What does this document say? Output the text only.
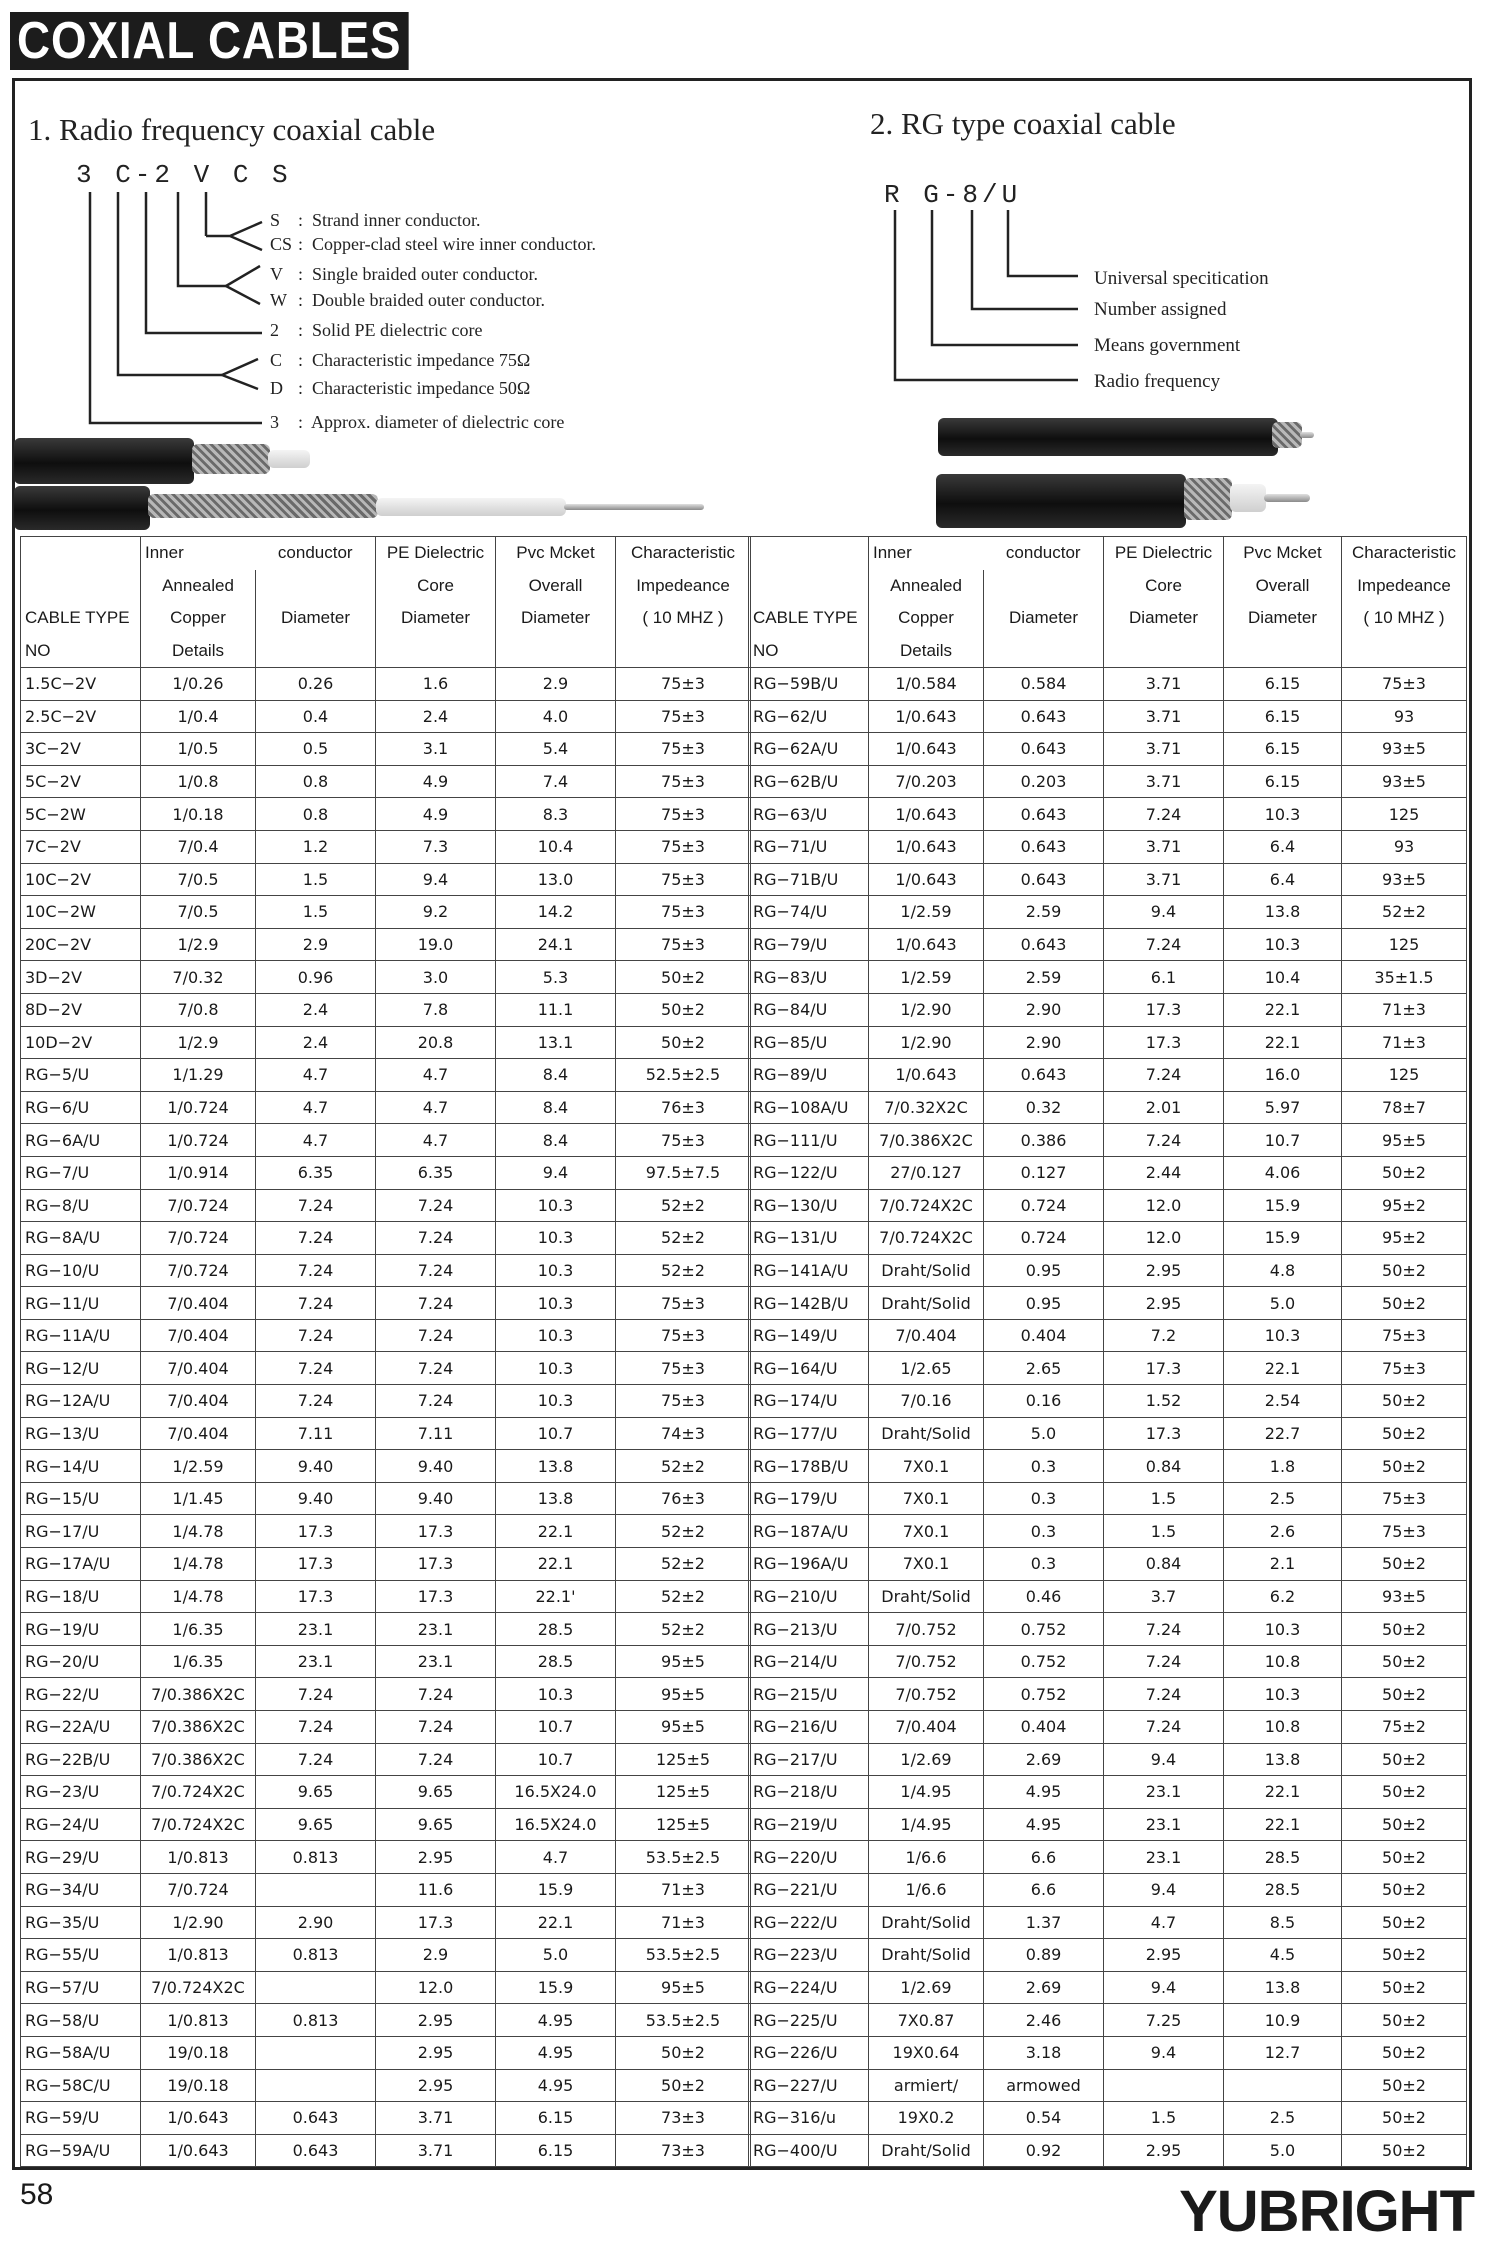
COXIAL CABLES
1. Radio frequency coaxial cable
3 C-2 V C S
S :  Strand inner conductor.
CS :  Copper-clad steel wire inner conductor.
V :  Single braided outer conductor.
W :  Double braided outer conductor.
2 :  Solid PE dielectric core
C :  Characteristic impedance 75Ω
D :  Characteristic impedance 50Ω
3 :  Approx. diameter of dielectric core
2. RG type coaxial cable
R G-8/U
Universal specitication
Number assigned
Means government
Radio frequency
	Inner	conductor	PE Dielectric	Pvc Mcket	Characteristic
	Annealed		Core	Overall	Impedeance
CABLE TYPE	Copper	Diameter	Diameter	Diameter	( 10 MHZ )
NO	Details				
1.5C−2V	1/0.26	0.26	1.6	2.9	75±3
2.5C−2V	1/0.4	0.4	2.4	4.0	75±3
3C−2V	1/0.5	0.5	3.1	5.4	75±3
5C−2V	1/0.8	0.8	4.9	7.4	75±3
5C−2W	1/0.18	0.8	4.9	8.3	75±3
7C−2V	7/0.4	1.2	7.3	10.4	75±3
10C−2V	7/0.5	1.5	9.4	13.0	75±3
10C−2W	7/0.5	1.5	9.2	14.2	75±3
20C−2V	1/2.9	2.9	19.0	24.1	75±3
3D−2V	7/0.32	0.96	3.0	5.3	50±2
8D−2V	7/0.8	2.4	7.8	11.1	50±2
10D−2V	1/2.9	2.4	20.8	13.1	50±2
RG−5/U	1/1.29	4.7	4.7	8.4	52.5±2.5
RG−6/U	1/0.724	4.7	4.7	8.4	76±3
RG−6A/U	1/0.724	4.7	4.7	8.4	75±3
RG−7/U	1/0.914	6.35	6.35	9.4	97.5±7.5
RG−8/U	7/0.724	7.24	7.24	10.3	52±2
RG−8A/U	7/0.724	7.24	7.24	10.3	52±2
RG−10/U	7/0.724	7.24	7.24	10.3	52±2
RG−11/U	7/0.404	7.24	7.24	10.3	75±3
RG−11A/U	7/0.404	7.24	7.24	10.3	75±3
RG−12/U	7/0.404	7.24	7.24	10.3	75±3
RG−12A/U	7/0.404	7.24	7.24	10.3	75±3
RG−13/U	7/0.404	7.11	7.11	10.7	74±3
RG−14/U	1/2.59	9.40	9.40	13.8	52±2
RG−15/U	1/1.45	9.40	9.40	13.8	76±3
RG−17/U	1/4.78	17.3	17.3	22.1	52±2
RG−17A/U	1/4.78	17.3	17.3	22.1	52±2
RG−18/U	1/4.78	17.3	17.3	22.1'	52±2
RG−19/U	1/6.35	23.1	23.1	28.5	52±2
RG−20/U	1/6.35	23.1	23.1	28.5	95±5
RG−22/U	7/0.386X2C	7.24	7.24	10.3	95±5
RG−22A/U	7/0.386X2C	7.24	7.24	10.7	95±5
RG−22B/U	7/0.386X2C	7.24	7.24	10.7	125±5
RG−23/U	7/0.724X2C	9.65	9.65	16.5X24.0	125±5
RG−24/U	7/0.724X2C	9.65	9.65	16.5X24.0	125±5
RG−29/U	1/0.813	0.813	2.95	4.7	53.5±2.5
RG−34/U	7/0.724		11.6	15.9	71±3
RG−35/U	1/2.90	2.90	17.3	22.1	71±3
RG−55/U	1/0.813	0.813	2.9	5.0	53.5±2.5
RG−57/U	7/0.724X2C		12.0	15.9	95±5
RG−58/U	1/0.813	0.813	2.95	4.95	53.5±2.5
RG−58A/U	19/0.18		2.95	4.95	50±2
RG−58C/U	19/0.18		2.95	4.95	50±2
RG−59/U	1/0.643	0.643	3.71	6.15	73±3
RG−59A/U	1/0.643	0.643	3.71	6.15	73±3
	Inner	conductor	PE Dielectric	Pvc Mcket	Characteristic
	Annealed		Core	Overall	Impedeance
CABLE TYPE	Copper	Diameter	Diameter	Diameter	( 10 MHZ )
NO	Details				
RG−59B/U	1/0.584	0.584	3.71	6.15	75±3
RG−62/U	1/0.643	0.643	3.71	6.15	93
RG−62A/U	1/0.643	0.643	3.71	6.15	93±5
RG−62B/U	7/0.203	0.203	3.71	6.15	93±5
RG−63/U	1/0.643	0.643	7.24	10.3	125
RG−71/U	1/0.643	0.643	3.71	6.4	93
RG−71B/U	1/0.643	0.643	3.71	6.4	93±5
RG−74/U	1/2.59	2.59	9.4	13.8	52±2
RG−79/U	1/0.643	0.643	7.24	10.3	125
RG−83/U	1/2.59	2.59	6.1	10.4	35±1.5
RG−84/U	1/2.90	2.90	17.3	22.1	71±3
RG−85/U	1/2.90	2.90	17.3	22.1	71±3
RG−89/U	1/0.643	0.643	7.24	16.0	125
RG−108A/U	7/0.32X2C	0.32	2.01	5.97	78±7
RG−111/U	7/0.386X2C	0.386	7.24	10.7	95±5
RG−122/U	27/0.127	0.127	2.44	4.06	50±2
RG−130/U	7/0.724X2C	0.724	12.0	15.9	95±2
RG−131/U	7/0.724X2C	0.724	12.0	15.9	95±2
RG−141A/U	Draht/Solid	0.95	2.95	4.8	50±2
RG−142B/U	Draht/Solid	0.95	2.95	5.0	50±2
RG−149/U	7/0.404	0.404	7.2	10.3	75±3
RG−164/U	1/2.65	2.65	17.3	22.1	75±3
RG−174/U	7/0.16	0.16	1.52	2.54	50±2
RG−177/U	Draht/Solid	5.0	17.3	22.7	50±2
RG−178B/U	7X0.1	0.3	0.84	1.8	50±2
RG−179/U	7X0.1	0.3	1.5	2.5	75±3
RG−187A/U	7X0.1	0.3	1.5	2.6	75±3
RG−196A/U	7X0.1	0.3	0.84	2.1	50±2
RG−210/U	Draht/Solid	0.46	3.7	6.2	93±5
RG−213/U	7/0.752	0.752	7.24	10.3	50±2
RG−214/U	7/0.752	0.752	7.24	10.8	50±2
RG−215/U	7/0.752	0.752	7.24	10.3	50±2
RG−216/U	7/0.404	0.404	7.24	10.8	75±2
RG−217/U	1/2.69	2.69	9.4	13.8	50±2
RG−218/U	1/4.95	4.95	23.1	22.1	50±2
RG−219/U	1/4.95	4.95	23.1	22.1	50±2
RG−220/U	1/6.6	6.6	23.1	28.5	50±2
RG−221/U	1/6.6	6.6	9.4	28.5	50±2
RG−222/U	Draht/Solid	1.37	4.7	8.5	50±2
RG−223/U	Draht/Solid	0.89	2.95	4.5	50±2
RG−224/U	1/2.69	2.69	9.4	13.8	50±2
RG−225/U	7X0.87	2.46	7.25	10.9	50±2
RG−226/U	19X0.64	3.18	9.4	12.7	50±2
RG−227/U	armiert/	armowed			50±2
RG−316/u	19X0.2	0.54	1.5	2.5	50±2
RG−400/U	Draht/Solid	0.92	2.95	5.0	50±2
58	YUBRIGHT
